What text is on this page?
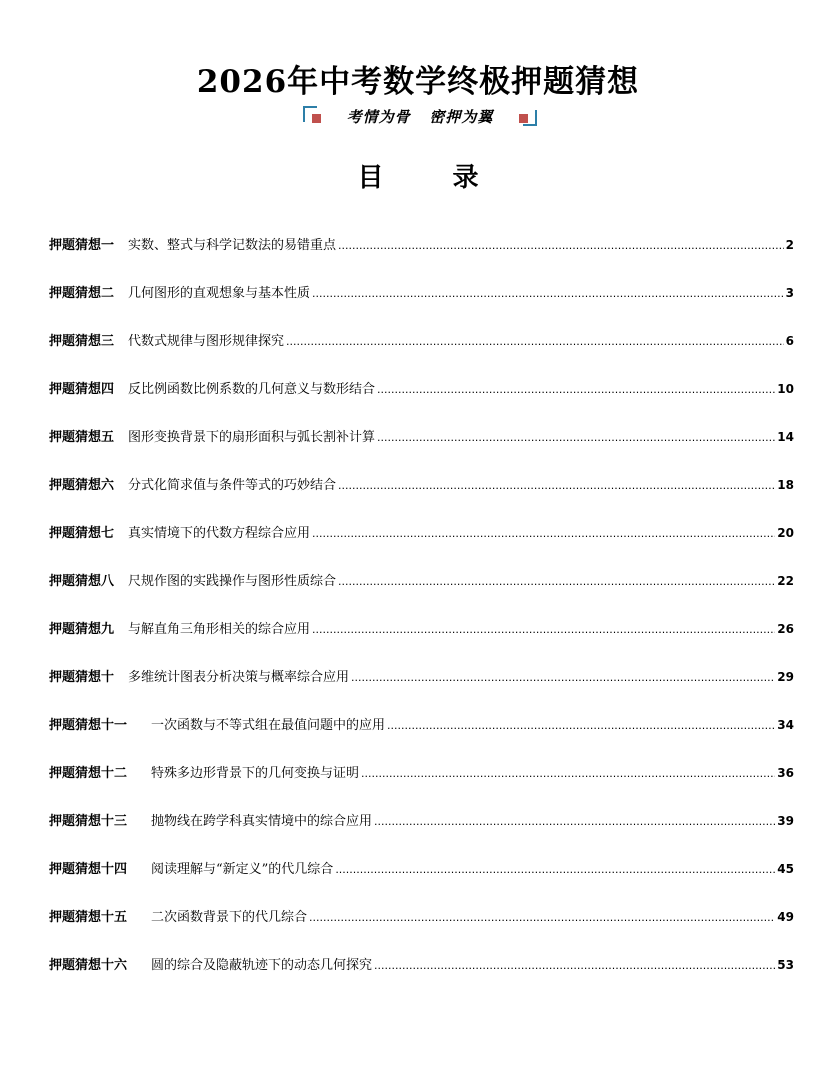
2026年中考数学终极押题猜想
考情为骨   密押为翼
目 录
押题猜想一 实数、整式与科学记数法的易错重点 .....	2
押题猜想二 几何图形的直观想象与基本性质 .....	3
押题猜想三 代数式规律与图形规律探究 .....	6
押题猜想四 反比例函数比例系数的几何意义与数形结合 .....	10
押题猜想五 图形变换背景下的扇形面积与弧长割补计算 .....	14
押题猜想六 分式化简求值与条件等式的巧妙结合 .....	18
押题猜想七 真实情境下的代数方程综合应用 .....	20
押题猜想八 尺规作图的实践操作与图形性质综合 .....	22
押题猜想九 与解直角三角形相关的综合应用 .....	26
押题猜想十 多维统计图表分析决策与概率综合应用 .....	29
押题猜想十一 一次函数与不等式组在最值问题中的应用 .....	34
押题猜想十二 特殊多边形背景下的几何变换与证明 .....	36
押题猜想十三 抛物线在跨学科真实情境中的综合应用 .....	39
押题猜想十四 阅读理解与“新定义”的代几综合 .....	45
押题猜想十五 二次函数背景下的代几综合 .....	49
押题猜想十六 圆的综合及隐蔽轨迹下的动态几何探究 .....	53
